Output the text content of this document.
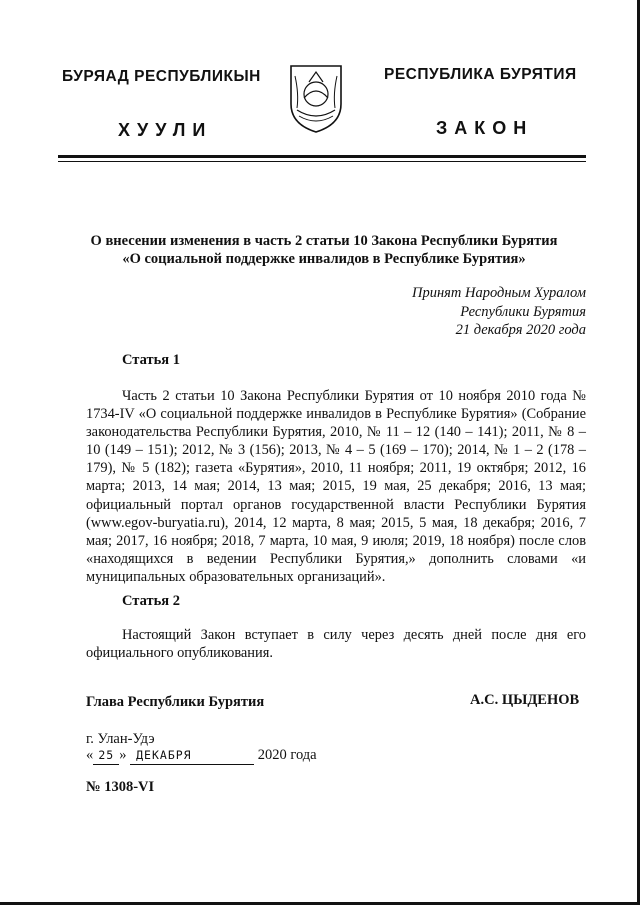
БУРЯАД РЕСПУБЛИКЫН
ХУУЛИ
РЕСПУБЛИКА БУРЯТИЯ
ЗАКОН
О внесении изменения в часть 2 статьи 10 Закона Республики Бурятия
«О социальной поддержке инвалидов в Республике Бурятия»
Принят Народным Хуралом
Республики Бурятия
21 декабря 2020 года
Статья 1

Часть 2 статьи 10 Закона Республики Бурятия от 10 ноября 2010 года № 1734-IV «О социальной поддержке инвалидов в Республике Бурятия» (Собрание законодательства Республики Бурятия, 2010, № 11 – 12 (140 – 141); 2011, № 8 – 10 (149 – 151); 2012, № 3 (156); 2013, № 4 – 5 (169 – 170); 2014, № 1 – 2 (178 – 179), № 5 (182); газета «Бурятия», 2010, 11 ноября; 2011, 19 октября; 2012, 16 марта; 2013, 14 мая; 2014, 13 мая; 2015, 19 мая, 25 декабря; 2016, 13 мая; официальный портал органов государственной власти Республики Бурятия (www.egov-buryatia.ru), 2014, 12 марта, 8 мая; 2015, 5 мая, 18 декабря; 2016, 7 мая; 2017, 16 ноября; 2018, 7 марта, 10 мая, 9 июля; 2019, 18 ноября) после слов «находящихся в ведении Республики Бурятия,» дополнить словами «и муниципальных образовательных организаций».

Статья 2

Настоящий Закон вступает в силу через десять дней после дня его официального опубликования.

Глава Республики Бурятия	А.С. ЦЫДЕНОВ
г. Улан-Удэ
« 25 »
ДЕКАБРЯ
	2020 года
№ 1308-VI
